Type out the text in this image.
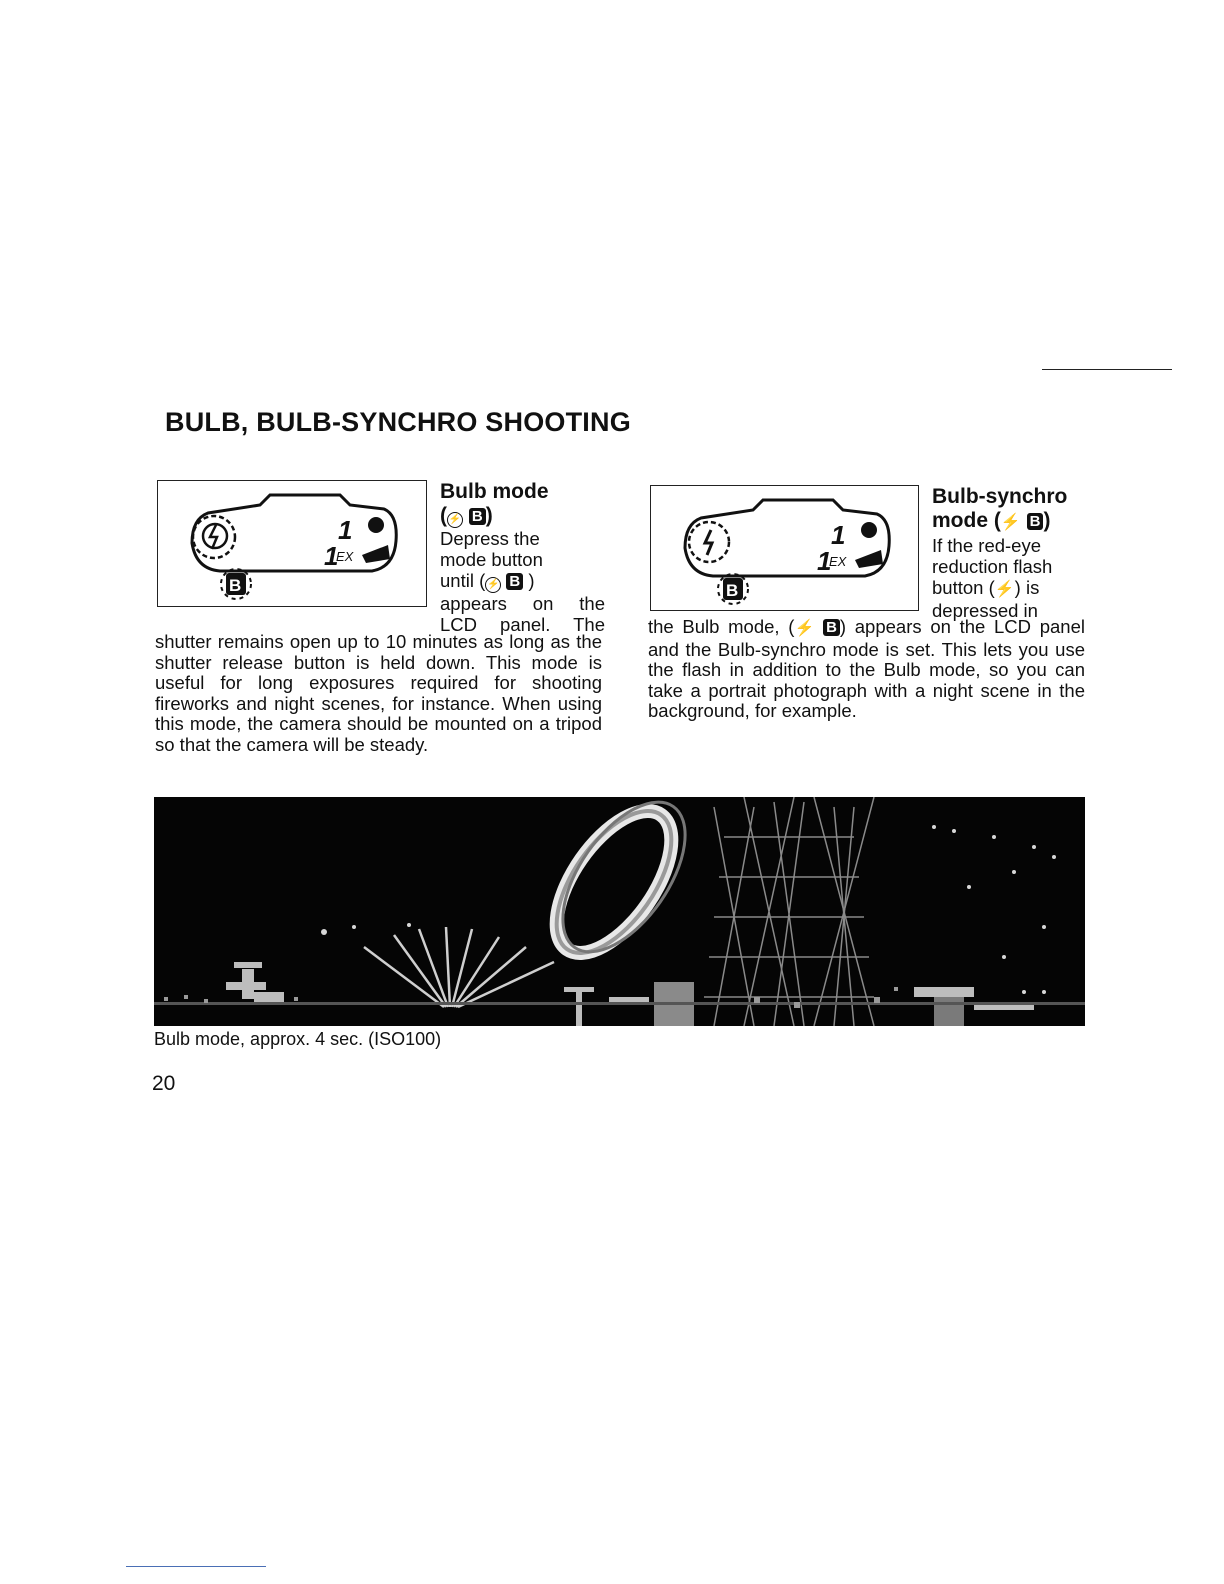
BULB, BULB-SYNCHRO SHOOTING
1
1
EX
B

Bulb mode

( ⚡ B )

Depress the

mode button

until ( ⚡ B )

appears on the

LCD panel. The

shutter remains open up to 10 minutes as long as the shutter release button is held down. This mode is useful for long exposures required for shooting fireworks and night scenes, for instance. When using this mode, the camera should be mounted on a tripod so that the camera will be steady.

1
1
EX
B

Bulb-synchro

mode (⚡ B )

If the red-eye

reduction flash

button (⚡) is

depressed in

the Bulb mode, (⚡ B ) appears on the LCD panel and the Bulb-synchro mode is set. This lets you use the flash in addition to the Bulb mode, so you can take a portrait photograph with a night scene in the background, for example.

Bulb mode, approx. 4 sec. (ISO100)

20
